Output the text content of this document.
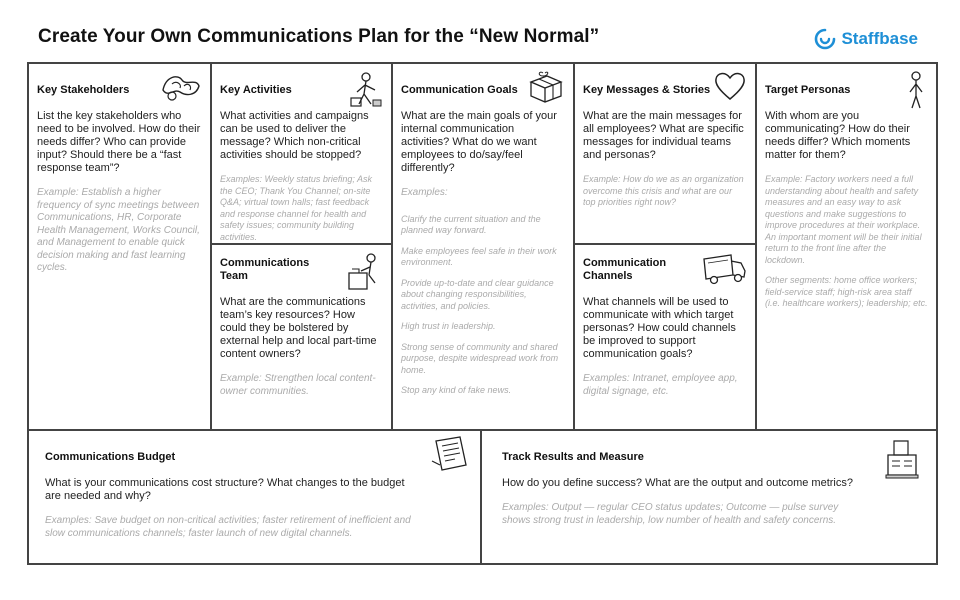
Create Your Own Communications Plan for the “New Normal”	Staffbase
Key Stakeholders

List the key stakeholders who need to be involved. How do their needs differ? Who can provide input? Should there be a “fast response team”?

Example: Establish a higher frequency of sync meetings between Communications, HR, Corporate Health Management, Works Council, and Management to enable quick decision making and fast learning cycles.

Key Activities

What activities and campaigns can be used to deliver the message? Which non-critical activities should be stopped?

Examples: Weekly status briefing; Ask the CEO; Thank You Channel; on-site Q&A; virtual town halls; fast feedback and response channel for health and safety issues; community building activities.

Communications Team

What are the communications team’s key resources? How could they be bolstered by external help and local part-time content owners?

Example: Strengthen local content-owner communities.

Communication Goals

What are the main goals of your internal communication activities? What do we want employees to do/say/feel differently?

Examples:

Clarify the current situation and the planned way forward.

Make employees feel safe in their work environment.

Provide up-to-date and clear guidance about changing responsibilities, activities, and policies.

High trust in leadership.

Strong sense of community and shared purpose, despite widespread work from home.

Stop any kind of fake news.

Key Messages & Stories

What are the main messages for all employees? What are specific messages for individual teams and personas?

Example: How do we as an organization overcome this crisis and what are our top priorities right now?

Communication Channels

What channels will be used to communicate with which target personas? How could channels be improved to support communication goals?

Examples: Intranet, employee app, digital signage, etc.

Target Personas

With whom are you communicating? How do their needs differ? Which moments matter for them?

Example: Factory workers need a full understanding about health and safety measures and an easy way to ask questions and make suggestions to improve procedures at their workplace. An important moment will be their initial return to the front line after the lockdown.

Other segments: home office workers; field-service staff; high-risk area staff (i.e. healthcare workers); leadership; etc.

Communications Budget

What is your communications cost structure? What changes to the budget are needed and why?

Examples: Save budget on non-critical activities; faster retirement of inefficient and slow communications channels; faster launch of new digital channels.

Track Results and Measure

How do you define success? What are the output and outcome metrics?

Examples: Output — regular CEO status updates; Outcome — pulse survey shows strong trust in leadership, low number of health and safety concerns.
